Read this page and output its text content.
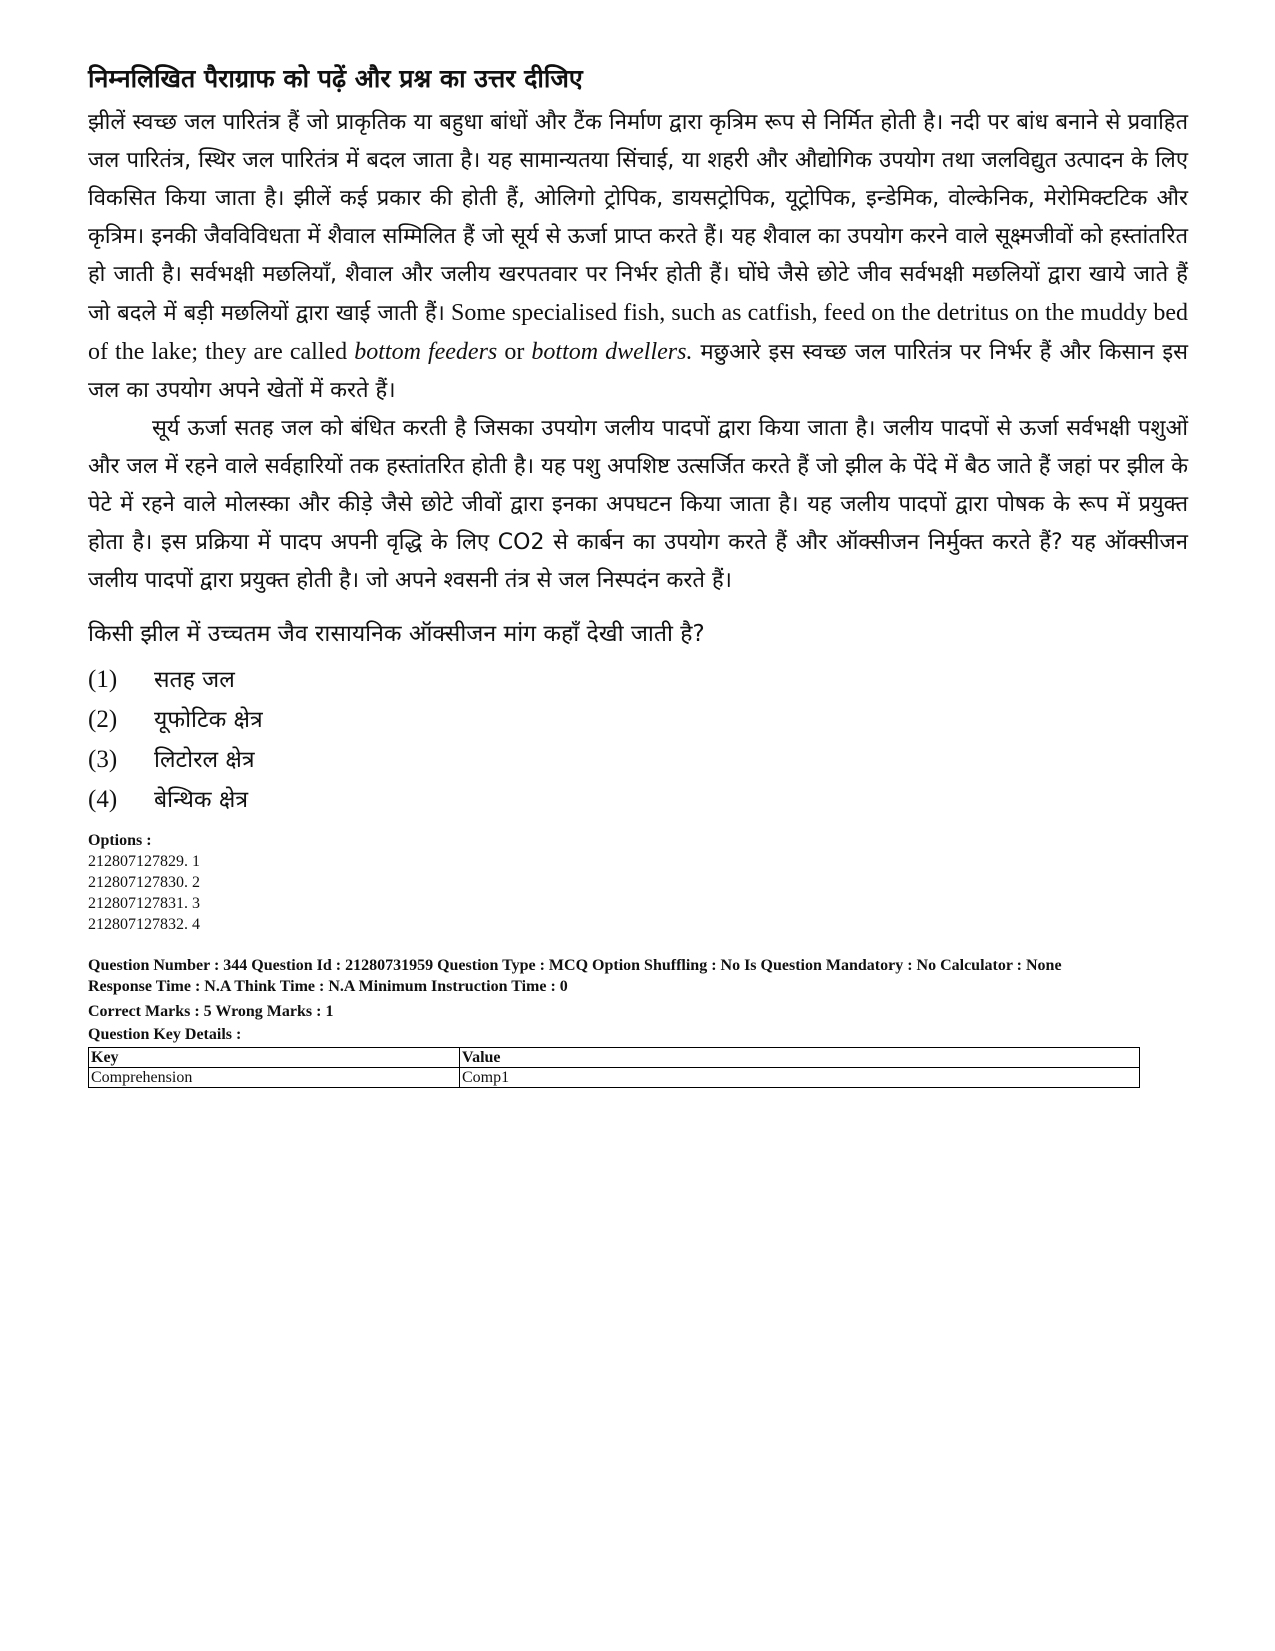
निम्नलिखित पैराग्राफ को पढ़ें और प्रश्न का उत्तर दीजिए

झीलें स्वच्छ जल पारितंत्र हैं जो प्राकृतिक या बहुधा बांधों और टैंक निर्माण द्वारा कृत्रिम रूप से निर्मित होती है। नदी पर बांध बनाने से प्रवाहित जल पारितंत्र, स्थिर जल पारितंत्र में बदल जाता है। यह सामान्यतया सिंचाई, या शहरी और औद्योगिक उपयोग तथा जलविद्युत उत्पादन के लिए विकसित किया जाता है। झीलें कई प्रकार की होती हैं, ओलिगो ट्रोपिक, डायसट्रोपिक, यूट्रोपिक, इन्डेमिक, वोल्केनिक, मेरोमिक्टटिक और कृत्रिम। इनकी जैवविविधता में शैवाल सम्मिलित हैं जो सूर्य से ऊर्जा प्राप्त करते हैं। यह शैवाल का उपयोग करने वाले सूक्ष्मजीवों को हस्तांतरित हो जाती है। सर्वभक्षी मछलियाँ, शैवाल और जलीय खरपतवार पर निर्भर होती हैं। घोंघे जैसे छोटे जीव सर्वभक्षी मछलियों द्वारा खाये जाते हैं जो बदले में बड़ी मछलियों द्वारा खाई जाती हैं। Some specialised fish, such as catfish, feed on the detritus on the muddy bed of the lake; they are called bottom feeders or bottom dwellers. मछुआरे इस स्वच्छ जल पारितंत्र पर निर्भर हैं और किसान इस जल का उपयोग अपने खेतों में करते हैं।

सूर्य ऊर्जा सतह जल को बंधित करती है जिसका उपयोग जलीय पादपों द्वारा किया जाता है। जलीय पादपों से ऊर्जा सर्वभक्षी पशुओं और जल में रहने वाले सर्वहारियों तक हस्तांतरित होती है। यह पशु अपशिष्ट उत्सर्जित करते हैं जो झील के पेंदे में बैठ जाते हैं जहां पर झील के पेटे में रहने वाले मोलस्का और कीड़े जैसे छोटे जीवों द्वारा इनका अपघटन किया जाता है। यह जलीय पादपों द्वारा पोषक के रूप में प्रयुक्त होता है। इस प्रक्रिया में पादप अपनी वृद्धि के लिए CO2 से कार्बन का उपयोग करते हैं और ऑक्सीजन निर्मुक्त करते हैं? यह ऑक्सीजन जलीय पादपों द्वारा प्रयुक्त होती है। जो अपने श्वसनी तंत्र से जल निस्पदंन करते हैं।

किसी झील में उच्चतम जैव रासायनिक ऑक्सीजन मांग कहाँ देखी जाती है?
(1)	सतह जल
(2)	यूफोटिक क्षेत्र
(3)	लिटोरल क्षेत्र
(4)	बेन्थिक क्षेत्र
Options :
212807127829. 1
212807127830. 2
212807127831. 3
212807127832. 4
Question Number : 344 Question Id : 21280731959 Question Type : MCQ Option Shuffling : No Is Question Mandatory : No Calculator : None
Response Time : N.A Think Time : N.A Minimum Instruction Time : 0
Correct Marks : 5 Wrong Marks : 1
Question Key Details :
Key	Value
Comprehension	Comp1
